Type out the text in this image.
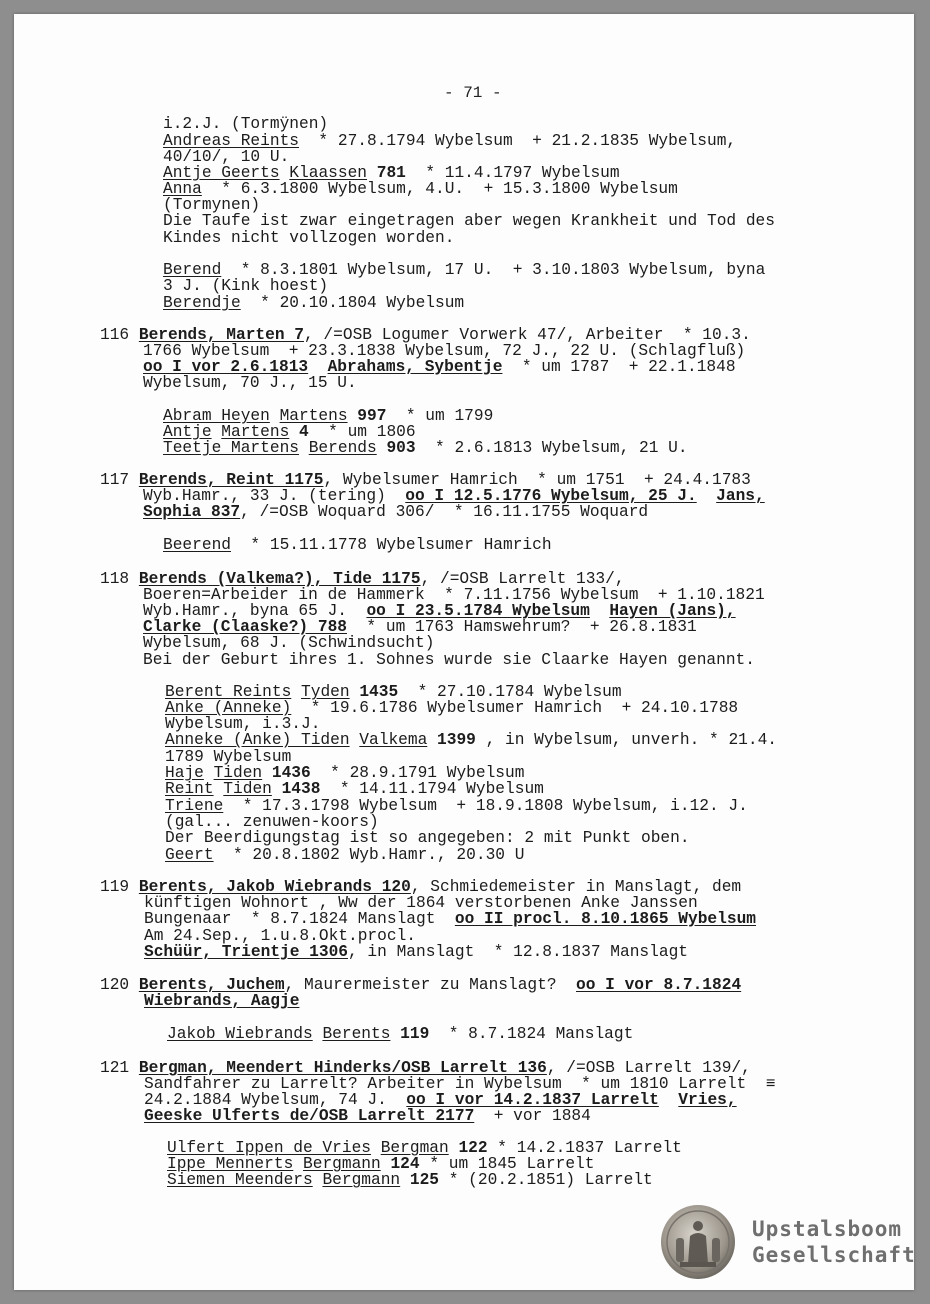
- 71 -
i.2.J. (Tormÿnen)
Andreas Reints  * 27.8.1794 Wybelsum  + 21.2.1835 Wybelsum,
40/10/, 10 U.
Antje Geerts Klaassen 781  * 11.4.1797 Wybelsum
Anna  * 6.3.1800 Wybelsum, 4.U.  + 15.3.1800 Wybelsum
(Tormynen)
Die Taufe ist zwar eingetragen aber wegen Krankheit und Tod des
Kindes nicht vollzogen worden.
Berend  * 8.3.1801 Wybelsum, 17 U.  + 3.10.1803 Wybelsum, byna
3 J. (Kink hoest)
Berendje  * 20.10.1804 Wybelsum
116 Berends, Marten 7, /=OSB Logumer Vorwerk 47/, Arbeiter  * 10.3.
1766 Wybelsum  + 23.3.1838 Wybelsum, 72 J., 22 U. (Schlagfluß)
oo I vor 2.6.1813 Abrahams, Sybentje  * um 1787  + 22.1.1848
Wybelsum, 70 J., 15 U.
Abram Heyen Martens 997  * um 1799
Antje Martens 4  * um 1806
Teetje Martens Berends 903  * 2.6.1813 Wybelsum, 21 U.
117 Berends, Reint 1175, Wybelsumer Hamrich  * um 1751  + 24.4.1783
Wyb.Hamr., 33 J. (tering)  oo I 12.5.1776 Wybelsum, 25 J. Jans,
Sophia 837, /=OSB Woquard 306/  * 16.11.1755 Woquard
Beerend  * 15.11.1778 Wybelsumer Hamrich
118 Berends (Valkema?), Tide 1175, /=OSB Larrelt 133/,
Boeren=Arbeider in de Hammerk  * 7.11.1756 Wybelsum  + 1.10.1821
Wyb.Hamr., byna 65 J.  oo I 23.5.1784 Wybelsum Hayen (Jans),
Clarke (Claaske?) 788  * um 1763 Hamswehrum?  + 26.8.1831
Wybelsum, 68 J. (Schwindsucht)
Bei der Geburt ihres 1. Sohnes wurde sie Claarke Hayen genannt.
Berent Reints Tyden 1435  * 27.10.1784 Wybelsum
Anke (Anneke)  * 19.6.1786 Wybelsumer Hamrich  + 24.10.1788
Wybelsum, i.3.J.
Anneke (Anke) Tiden Valkema 1399 , in Wybelsum, unverh. * 21.4.
1789 Wybelsum
Haje Tiden 1436  * 28.9.1791 Wybelsum
Reint Tiden 1438  * 14.11.1794 Wybelsum
Triene  * 17.3.1798 Wybelsum  + 18.9.1808 Wybelsum, i.12. J.
(gal... zenuwen-koors)
Der Beerdigungstag ist so angegeben: 2 mit Punkt oben.
Geert  * 20.8.1802 Wyb.Hamr., 20.30 U
119 Berents, Jakob Wiebrands 120, Schmiedemeister in Manslagt, dem
künftigen Wohnort , Ww der 1864 verstorbenen Anke Janssen
Bungenaar  * 8.7.1824 Manslagt  oo II procl. 8.10.1865 Wybelsum
Am 24.Sep., 1.u.8.Okt.procl.
Schüür, Trientje 1306, in Manslagt  * 12.8.1837 Manslagt
120 Berents, Juchem, Maurermeister zu Manslagt?  oo I vor 8.7.1824
Wiebrands, Aagje
Jakob Wiebrands Berents 119  * 8.7.1824 Manslagt
121 Bergman, Meendert Hinderks/OSB Larrelt 136, /=OSB Larrelt 139/,
Sandfahrer zu Larrelt? Arbeiter in Wybelsum  * um 1810 Larrelt  ≡
24.2.1884 Wybelsum, 74 J.  oo I vor 14.2.1837 Larrelt Vries,
Geeske Ulferts de/OSB Larrelt 2177  + vor 1884
Ulfert Ippen de Vries Bergman 122 * 14.2.1837 Larrelt
Ippe Mennerts Bergmann 124 * um 1845 Larrelt
Siemen Meenders Bergmann 125 * (20.2.1851) Larrelt
Upstalsboom
Gesellschaft
